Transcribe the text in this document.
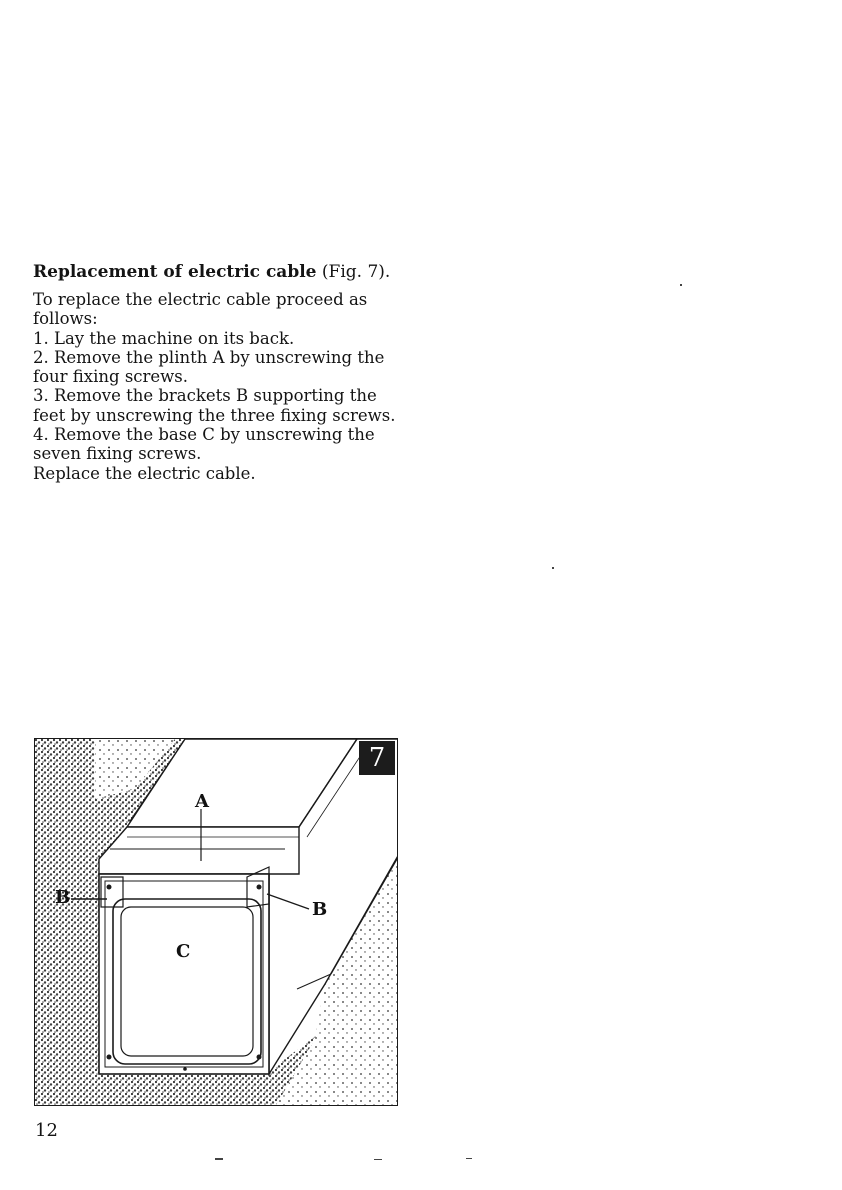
Replacement of electric cable (Fig. 7).

To replace the electric cable proceed as follows:

1. Lay the machine on its back.

2. Remove the plinth A by unscrewing the four fixing screws.

3. Remove the brackets B supporting the feet by unscrewing the three fixing screws.

4. Remove the base C by unscrewing the seven fixing screws.

Replace the electric cable.

7
A
B
B
C
12
